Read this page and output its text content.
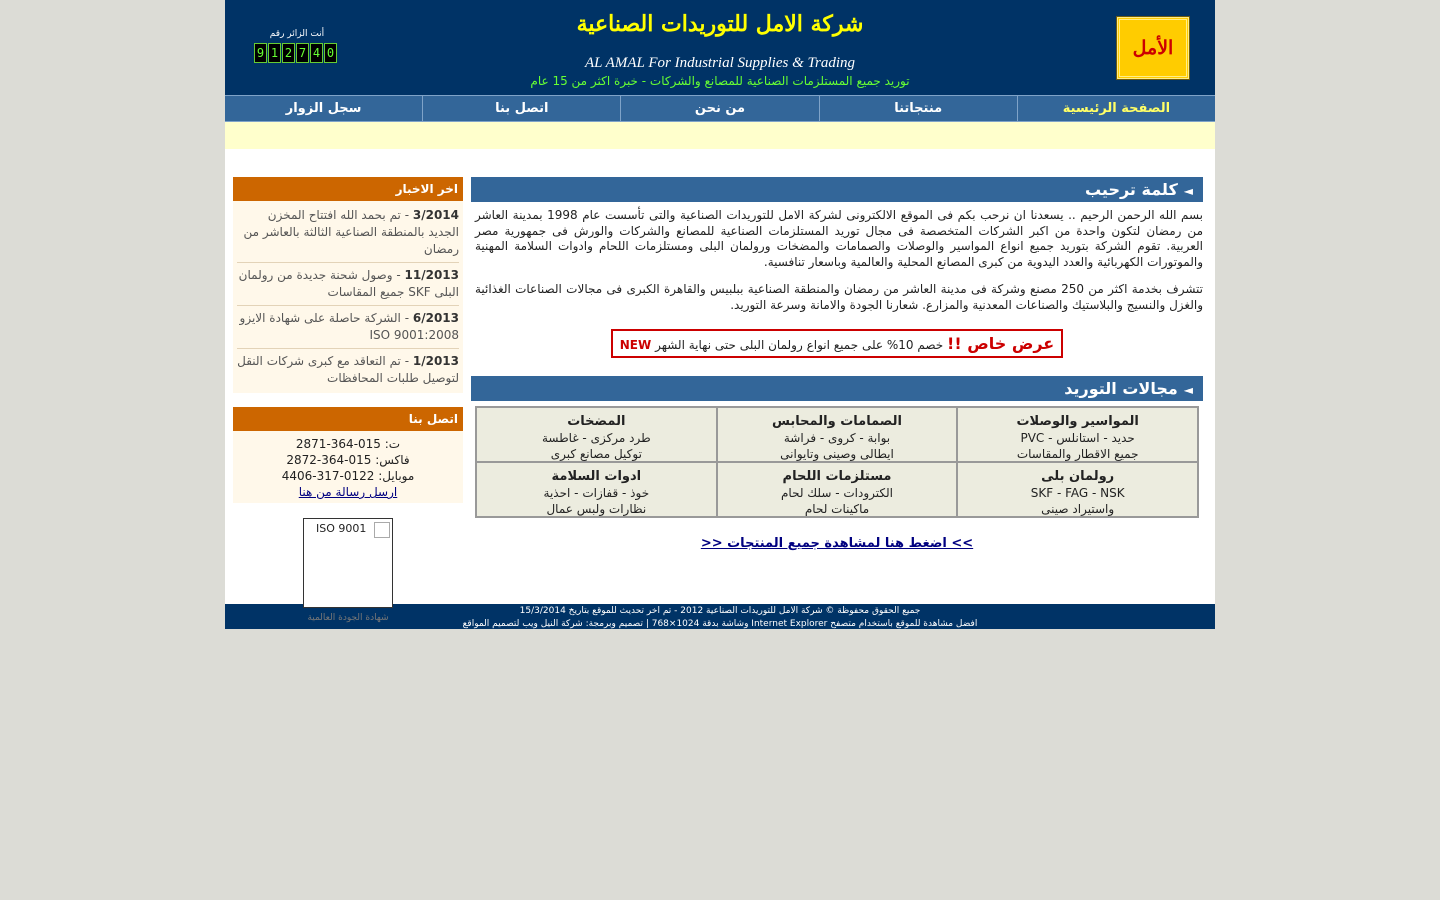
الأمل
شركة الامل للتوريدات الصناعية
AL AMAL For Industrial Supplies & Trading
توريد جميع المستلزمات الصناعية للمصانع والشركات - خبرة اكثر من 15 عام
أنت الزائر رقم
9 1 2 7 4 0
الصفحة الرئيسية
منتجاتنا
من نحن
اتصل بنا
سجل الزوار
◄كلمة ترحيب

بسم الله الرحمن الرحيم .. يسعدنا ان نرحب بكم فى الموقع الالكترونى لشركة الامل للتوريدات الصناعية والتى تأسست عام 1998 بمدينة العاشر من رمضان لتكون واحدة من اكبر الشركات المتخصصة فى مجال توريد المستلزمات الصناعية للمصانع والشركات والورش فى جمهورية مصر العربية. تقوم الشركة بتوريد جميع انواع المواسير والوصلات والصمامات والمضخات ورولمان البلى ومستلزمات اللحام وادوات السلامة المهنية والموتورات الكهربائية والعدد اليدوية من كبرى المصانع المحلية والعالمية وباسعار تنافسية.

تتشرف بخدمة اكثر من 250 مصنع وشركة فى مدينة العاشر من رمضان والمنطقة الصناعية ببلبيس والقاهرة الكبرى فى مجالات الصناعات الغذائية والغزل والنسيج والبلاستيك والصناعات المعدنية والمزارع. شعارنا الجودة والامانة وسرعة التوريد.

عرض خاص !! خصم 10% على جميع انواع رولمان البلى حتى نهاية الشهر NEW
◄مجالات التوريد
المواسير والوصلات
حديد - استانلس - PVC
جميع الاقطار والمقاسات
الصمامات والمحابس
بوابة - كروى - فراشة
ايطالى وصينى وتايوانى
المضخات
طرد مركزى - غاطسة
توكيل مصانع كبرى
رولمان بلى
SKF - FAG - NSK
واستيراد صينى
مستلزمات اللحام
الكترودات - سلك لحام
ماكينات لحام
ادوات السلامة
خوذ - قفازات - احذية
نظارات ولبس عمال
>> اضغط هنا لمشاهدة جميع المنتجات <<
اخر الاخبار
3/2014 - تم بحمد الله افتتاح المخزن الجديد بالمنطقة الصناعية الثالثة بالعاشر من رمضان
11/2013 - وصول شحنة جديدة من رولمان البلى SKF جميع المقاسات
6/2013 - الشركة حاصلة على شهادة الايزو ISO 9001:2008
1/2013 - تم التعاقد مع كبرى شركات النقل لتوصيل طلبات المحافظات
اتصل بنا
ت: 015-364-2871
فاكس: 015-364-2872
موبايل: 0122-317-4406
ارسل رسالة من هنا
ISO 9001
شهادة الجودة العالمية
جميع الحقوق محفوظة © شركة الامل للتوريدات الصناعية 2012 - تم اخر تحديث للموقع بتاريخ 15/3/2014
افضل مشاهدة للموقع باستخدام متصفح Internet Explorer وشاشة بدقة 1024×768 | تصميم وبرمجة: شركة النيل ويب لتصميم المواقع
